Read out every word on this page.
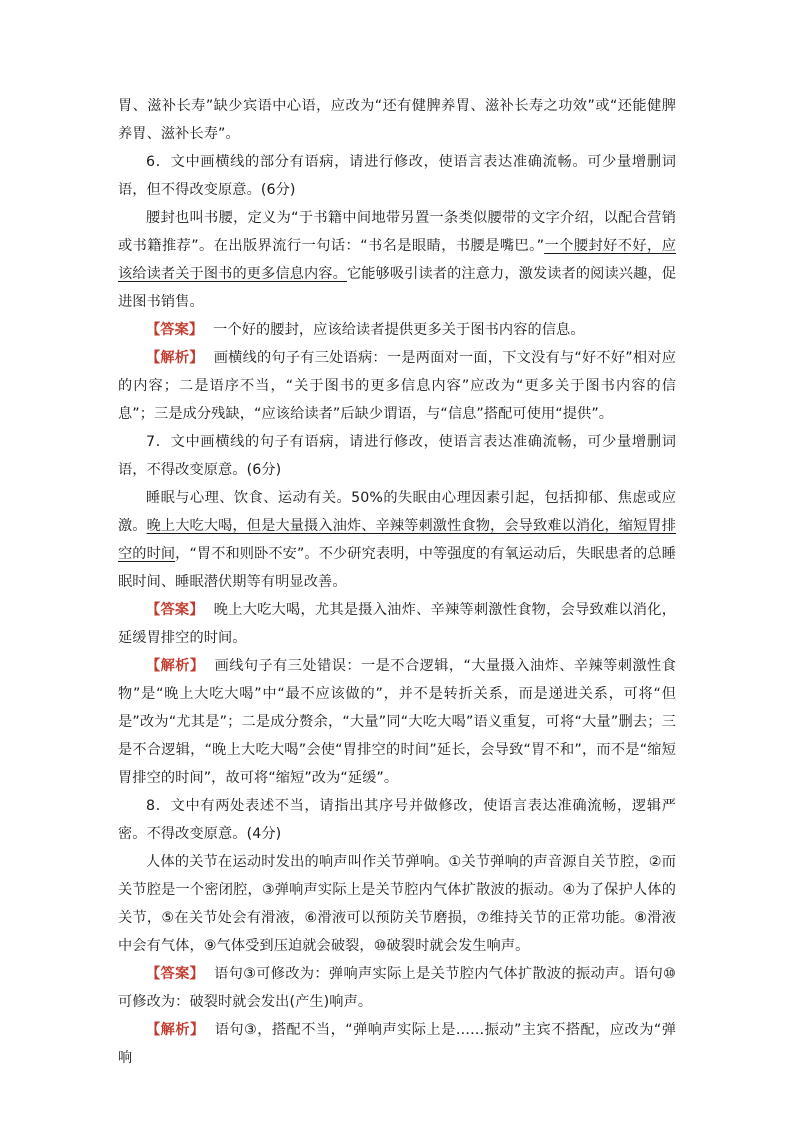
胃、滋补长寿”缺少宾语中心语，应改为“还有健脾养胃、滋补长寿之功效”或“还能健脾养胃、滋补长寿”。

6．文中画横线的部分有语病，请进行修改，使语言表达准确流畅。可少量增删词语，但不得改变原意。(6分)

腰封也叫书腰，定义为“于书籍中间地带另置一条类似腰带的文字介绍，以配合营销或书籍推荐”。在出版界流行一句话：“书名是眼睛，书腰是嘴巴。”一个腰封好不好，应该给读者关于图书的更多信息内容。它能够吸引读者的注意力，激发读者的阅读兴趣，促进图书销售。

【答案】 一个好的腰封，应该给读者提供更多关于图书内容的信息。

【解析】 画横线的句子有三处语病：一是两面对一面，下文没有与“好不好”相对应的内容；二是语序不当，“关于图书的更多信息内容”应改为“更多关于图书内容的信息”；三是成分残缺，“应该给读者”后缺少谓语，与“信息”搭配可使用“提供”。

7．文中画横线的句子有语病，请进行修改，使语言表达准确流畅，可少量增删词语，不得改变原意。(6分)

睡眠与心理、饮食、运动有关。50%的失眠由心理因素引起，包括抑郁、焦虑或应激。晚上大吃大喝，但是大量摄入油炸、辛辣等刺激性食物，会导致难以消化，缩短胃排空的时间，“胃不和则卧不安”。不少研究表明，中等强度的有氧运动后，失眠患者的总睡眠时间、睡眠潜伏期等有明显改善。

【答案】 晚上大吃大喝，尤其是摄入油炸、辛辣等刺激性食物，会导致难以消化，延缓胃排空的时间。

【解析】 画线句子有三处错误：一是不合逻辑，“大量摄入油炸、辛辣等刺激性食物”是“晚上大吃大喝”中“最不应该做的”，并不是转折关系，而是递进关系，可将“但是”改为“尤其是”；二是成分赘余，“大量”同“大吃大喝”语义重复，可将“大量”删去；三是不合逻辑，“晚上大吃大喝”会使“胃排空的时间”延长，会导致“胃不和”，而不是“缩短胃排空的时间”，故可将“缩短”改为“延缓”。

8．文中有两处表述不当，请指出其序号并做修改，使语言表达准确流畅，逻辑严密。不得改变原意。(4分)

人体的关节在运动时发出的响声叫作关节弹响。①关节弹响的声音源自关节腔，②而关节腔是一个密闭腔，③弹响声实际上是关节腔内气体扩散波的振动。④为了保护人体的关节，⑤在关节处会有滑液，⑥滑液可以预防关节磨损，⑦维持关节的正常功能。⑧滑液中会有气体，⑨气体受到压迫就会破裂，⑩破裂时就会发生响声。

【答案】 语句③可修改为：弹响声实际上是关节腔内气体扩散波的振动声。语句⑩可修改为：破裂时就会发出(产生)响声。

【解析】 语句③，搭配不当，“弹响声实际上是……振动”主宾不搭配，应改为“弹响
